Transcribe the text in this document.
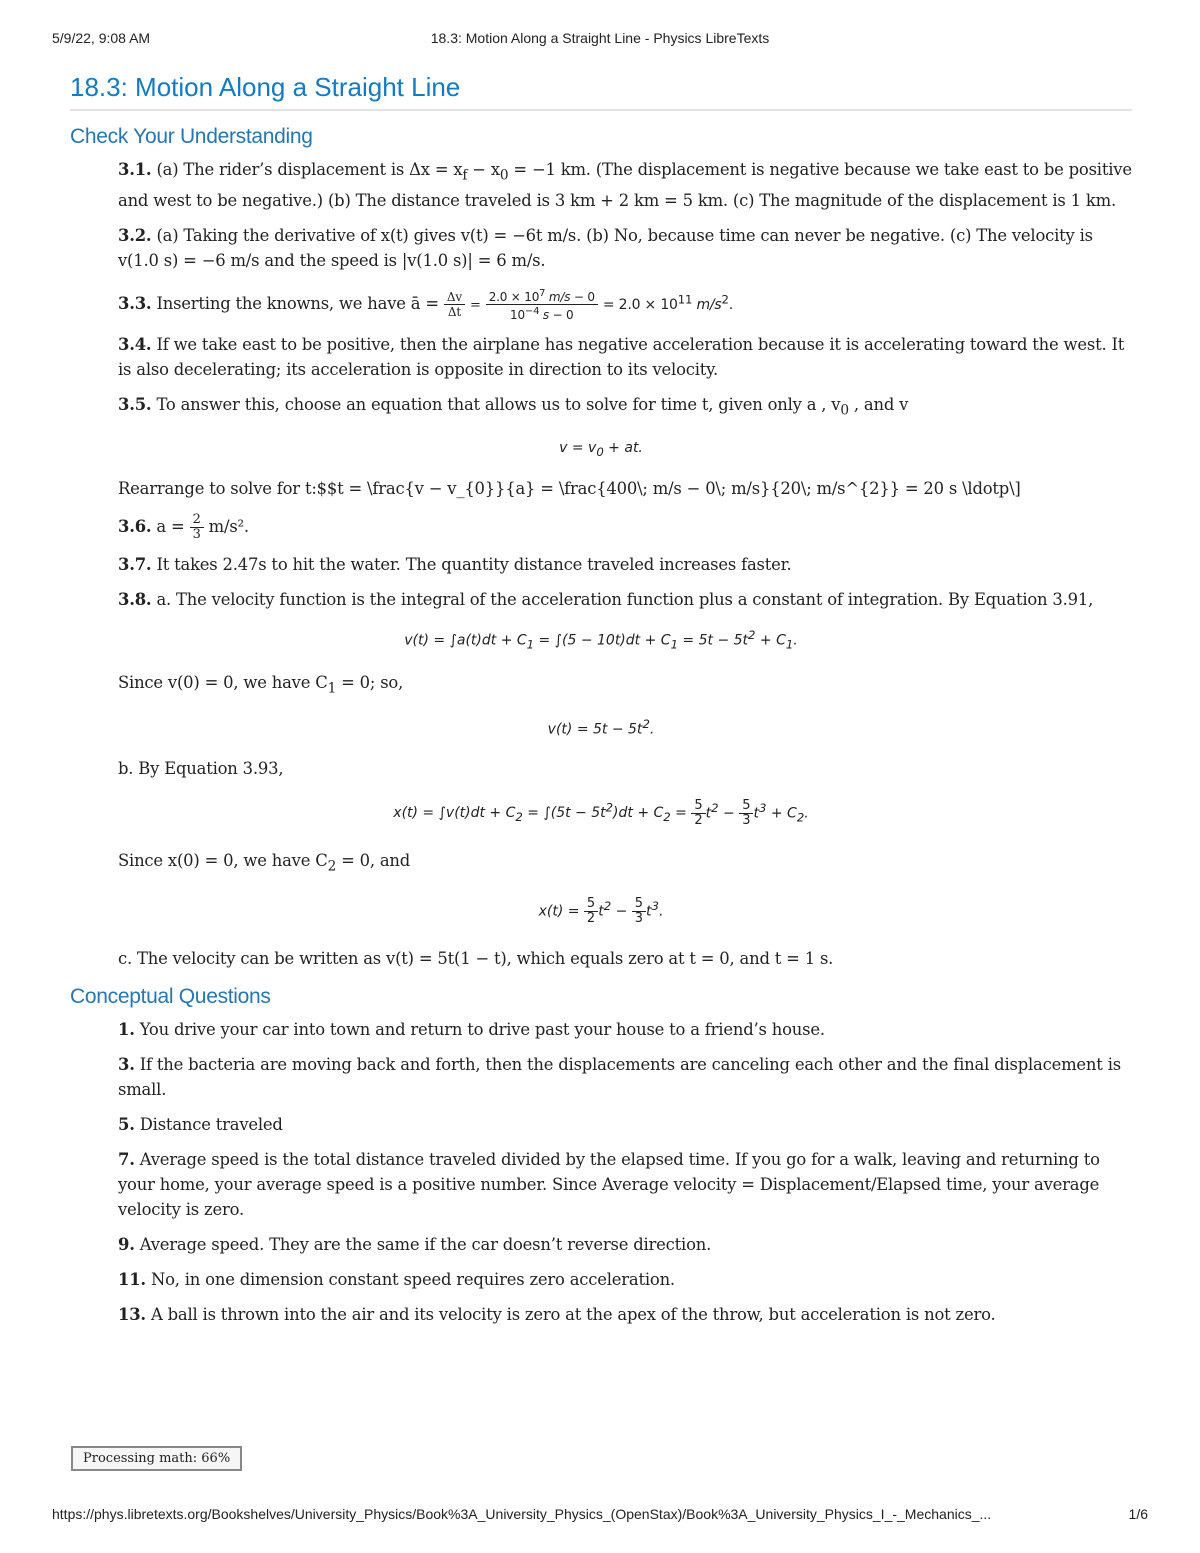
5/9/22, 9:08 AM	18.3: Motion Along a Straight Line - Physics LibreTexts
18.3: Motion Along a Straight Line
Check Your Understanding

3.1. (a) The rider’s displacement is $\Delta x = x_f - x_0 = -1$ km. (The displacement is negative because we take east to be positive and west to be negative.) (b) The distance traveled is 3 km + 2 km = 5 km. (c) The magnitude of the displacement is 1 km.

3.2. (a) Taking the derivative of x(t) gives v(t) = −6t m/s. (b) No, because time can never be negative. (c) The velocity is v(1.0 s) = −6 m/s and the speed is |v(1.0 s)| = 6 m/s.

3.3. Inserting the knowns, we have ā = $\frac{\Delta v}{\Delta t} = \frac{2.0 \times 10^7 m/s - 0}{10^{-4} s - 0} = 2.0 \times 10^{11}$ $m/s^2$.

3.4. If we take east to be positive, then the airplane has negative acceleration because it is accelerating toward the west. It is also decelerating; its acceleration is opposite in direction to its velocity.

3.5. To answer this, choose an equation that allows us to solve for time t, given only a , $v_0$ , and v

$v = v_0$ + at.

Rearrange to solve for t:$$t = \frac{v − v_{0}}{a} = \frac{400\; m/s − 0\; m/s}{20\; m/s^{2}} = 20 s \ldotp\]

3.6. $a = \frac{2}{3} m/s^2$.

3.7. It takes 2.47s to hit the water. The quantity distance traveled increases faster.

3.8. a. The velocity function is the integral of the acceleration function plus a constant of integration. By Equation 3.91,

$v(t) = \int a(t)dt + C_1 = \int(5 - 10t)dt + C_1 = 5t - 5t^2 + C_1$.

Since v(0) = 0, we have $C_1 = 0$; so,

$v(t) = 5t - 5t^2$.

b. By Equation 3.93,

$x(t) = \int v(t)dt + C_2 = \int(5t - 5t^2)dt + C_2 = \frac{5}{2} t^2 - \frac{5}{3} t^3 + C_2$.

Since x(0) = 0, we have $C_2 = 0$, and

$x(t) = \frac{5}{2} t^2 - \frac{5}{3} t^3$.

c. The velocity can be written as v(t) = 5t(1 − t), which equals zero at t = 0, and t = 1 s.

Conceptual Questions

1. You drive your car into town and return to drive past your house to a friend’s house.

3. If the bacteria are moving back and forth, then the displacements are canceling each other and the final displacement is small.

5. Distance traveled

7. Average speed is the total distance traveled divided by the elapsed time. If you go for a walk, leaving and returning to your home, your average speed is a positive number. Since Average velocity = Displacement/Elapsed time, your average velocity is zero.

9. Average speed. They are the same if the car doesn’t reverse direction.

11. No, in one dimension constant speed requires zero acceleration.

13. A ball is thrown into the air and its velocity is zero at the apex of the throw, but acceleration is not zero.

Processing math: 66%
https://phys.libretexts.org/Bookshelves/University_Physics/Book%3A_University_Physics_(OpenStax)/Book%3A_University_Physics_I_-_Mechanics_...	1/6
